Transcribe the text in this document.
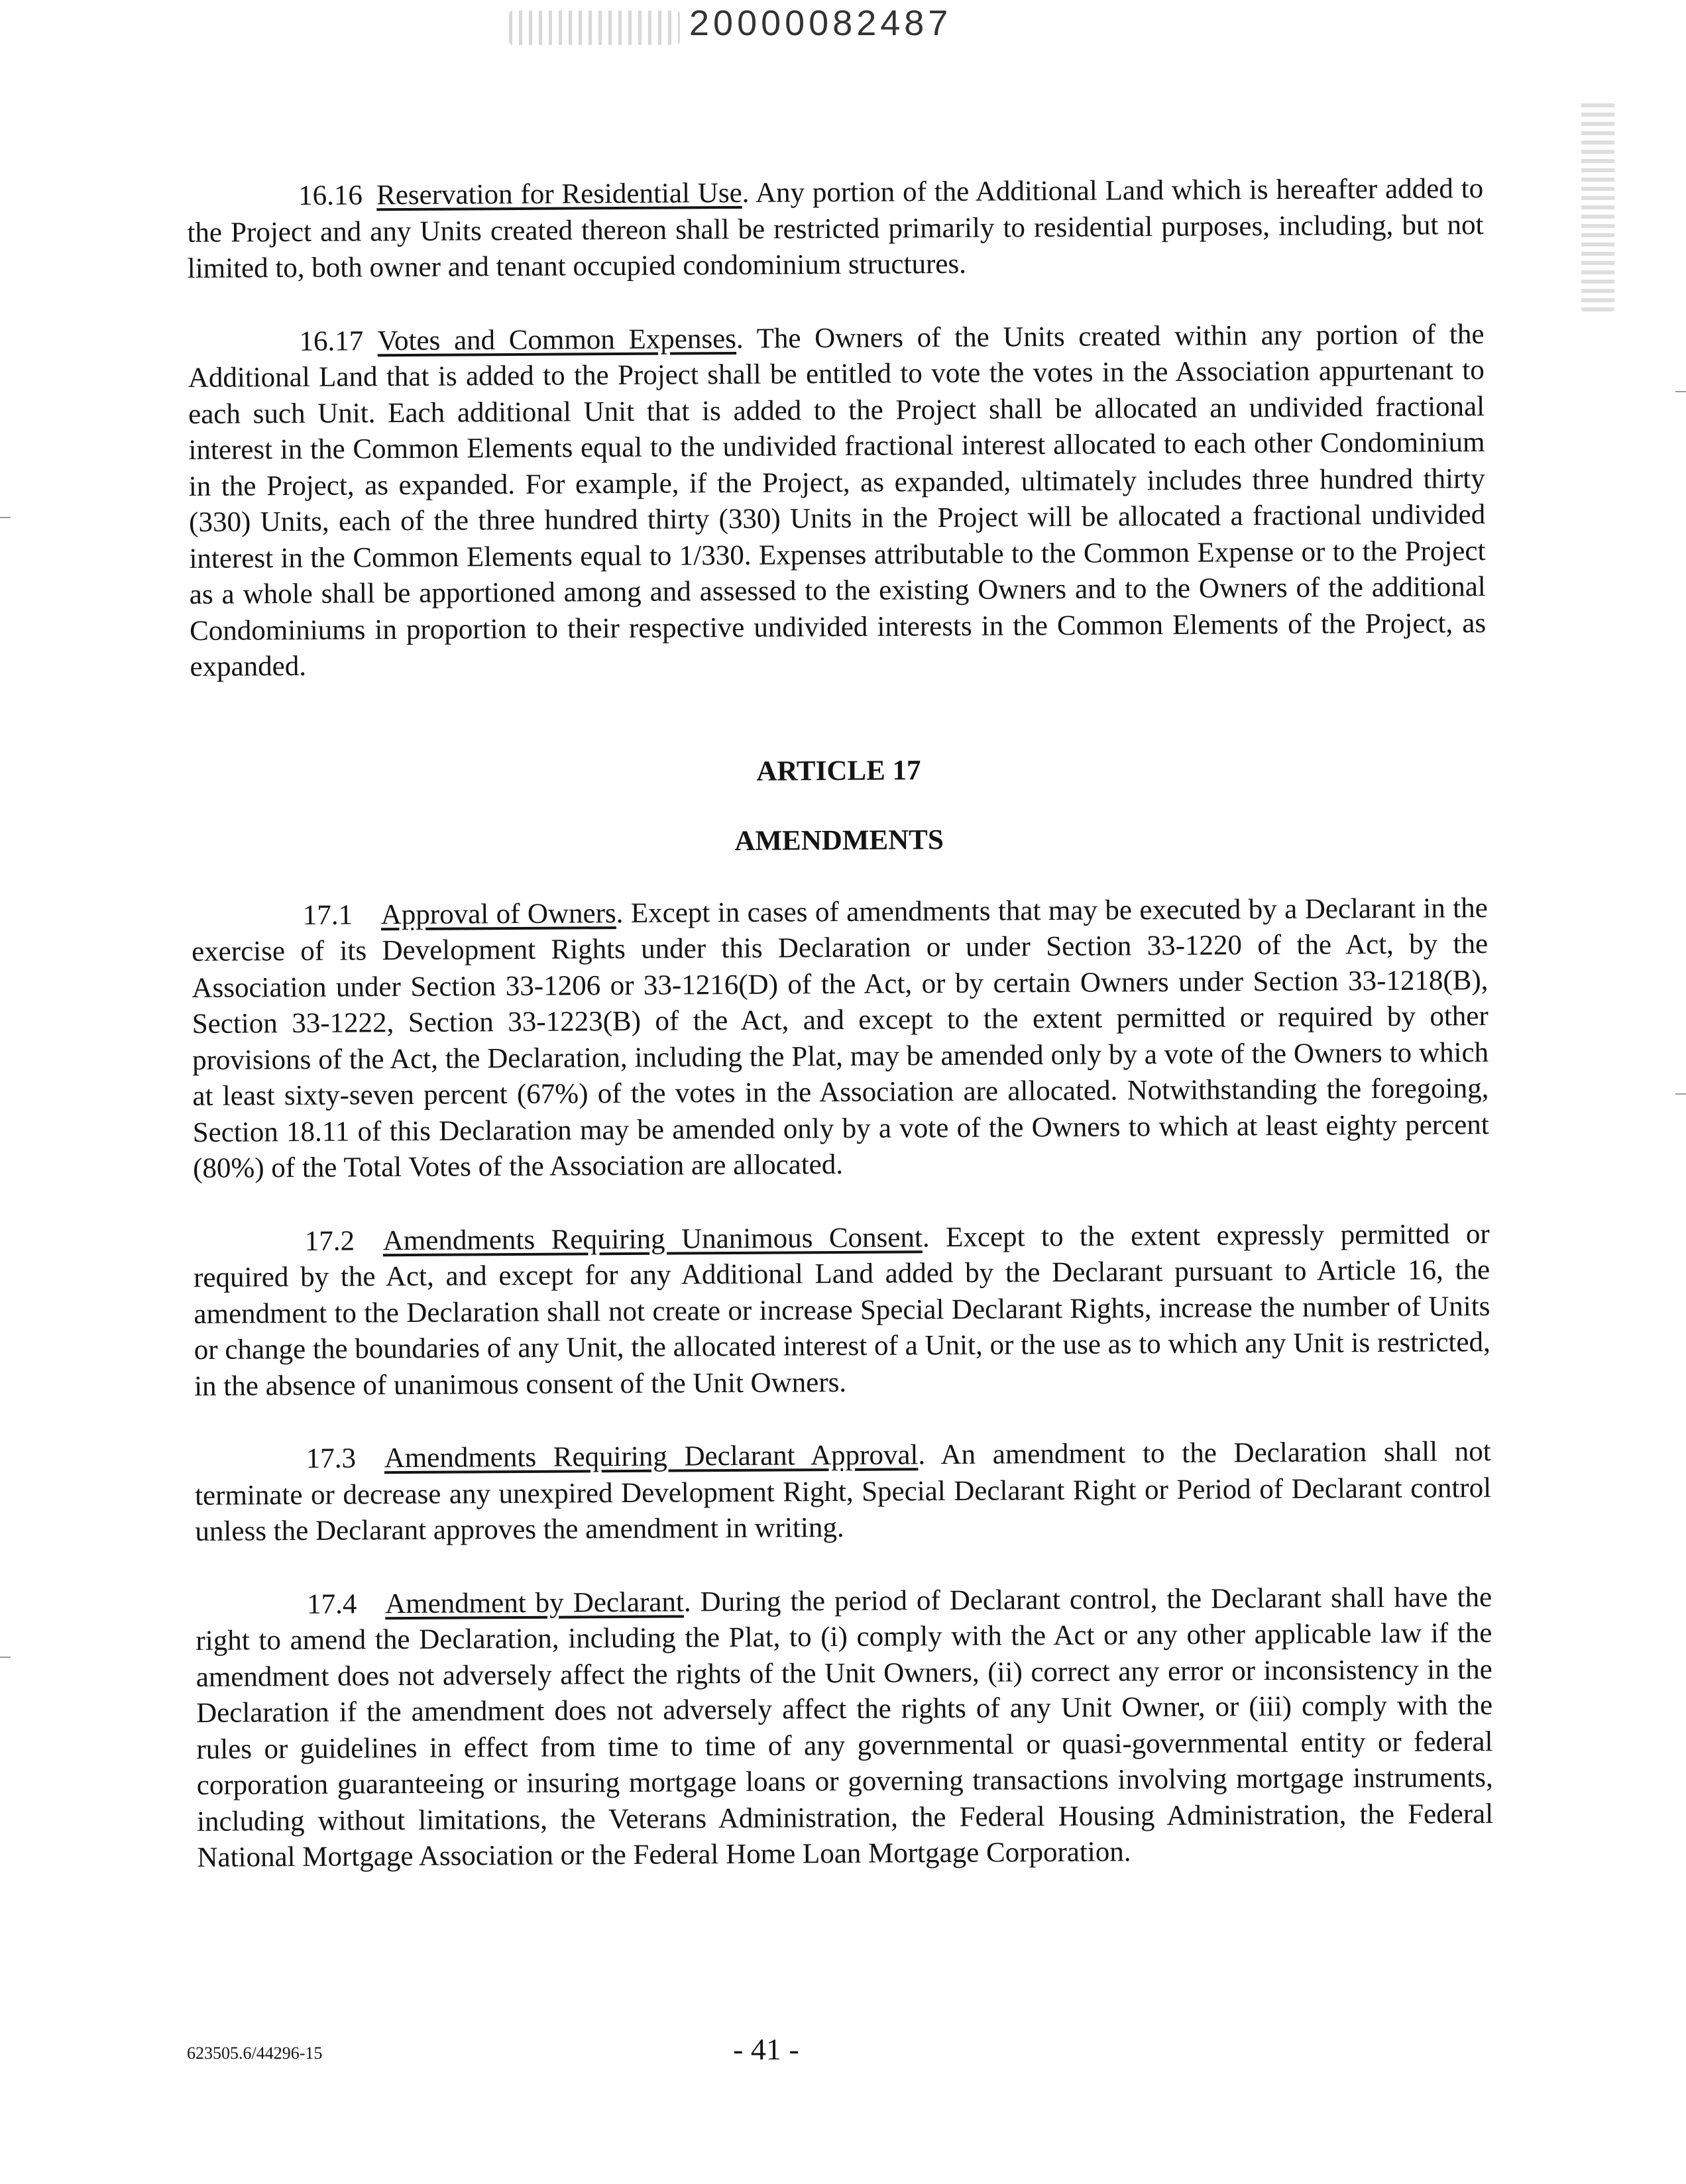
20000082487

16.16 Reservation for Residential Use. Any portion of the Additional Land which is hereafter added to the Project and any Units created thereon shall be restricted primarily to residential purposes, including, but not limited to, both owner and tenant occupied condominium structures.

16.17 Votes and Common Expenses. The Owners of the Units created within any portion of the Additional Land that is added to the Project shall be entitled to vote the votes in the Association appurtenant to each such Unit. Each additional Unit that is added to the Project shall be allocated an undivided fractional interest in the Common Elements equal to the undivided fractional interest allocated to each other Condominium in the Project, as expanded. For example, if the Project, as expanded, ultimately includes three hundred thirty (330) Units, each of the three hundred thirty (330) Units in the Project will be allocated a fractional undivided interest in the Common Elements equal to 1/330. Expenses attributable to the Common Expense or to the Project as a whole shall be apportioned among and assessed to the existing Owners and to the Owners of the additional Condominiums in proportion to their respective undivided interests in the Common Elements of the Project, as expanded.

ARTICLE 17

AMENDMENTS

17.1 Approval of Owners. Except in cases of amendments that may be executed by a Declarant in the exercise of its Development Rights under this Declaration or under Section 33-1220 of the Act, by the Association under Section 33-1206 or 33-1216(D) of the Act, or by certain Owners under Section 33-1218(B), Section 33-1222, Section 33-1223(B) of the Act, and except to the extent permitted or required by other provisions of the Act, the Declaration, including the Plat, may be amended only by a vote of the Owners to which at least sixty-seven percent (67%) of the votes in the Association are allocated. Notwithstanding the foregoing, Section 18.11 of this Declaration may be amended only by a vote of the Owners to which at least eighty percent (80%) of the Total Votes of the Association are allocated.

17.2 Amendments Requiring Unanimous Consent. Except to the extent expressly permitted or required by the Act, and except for any Additional Land added by the Declarant pursuant to Article 16, the amendment to the Declaration shall not create or increase Special Declarant Rights, increase the number of Units or change the boundaries of any Unit, the allocated interest of a Unit, or the use as to which any Unit is restricted, in the absence of unanimous consent of the Unit Owners.

17.3 Amendments Requiring Declarant Approval. An amendment to the Declaration shall not terminate or decrease any unexpired Development Right, Special Declarant Right or Period of Declarant control unless the Declarant approves the amendment in writing.

17.4 Amendment by Declarant. During the period of Declarant control, the Declarant shall have the right to amend the Declaration, including the Plat, to (i) comply with the Act or any other applicable law if the amendment does not adversely affect the rights of the Unit Owners, (ii) correct any error or inconsistency in the Declaration if the amendment does not adversely affect the rights of any Unit Owner, or (iii) comply with the rules or guidelines in effect from time to time of any governmental or quasi-governmental entity or federal corporation guaranteeing or insuring mortgage loans or governing transactions involving mortgage instruments, including without limitations, the Veterans Administration, the Federal Housing Administration, the Federal National Mortgage Association or the Federal Home Loan Mortgage Corporation.

623505.6/44296-15	- 41 -
